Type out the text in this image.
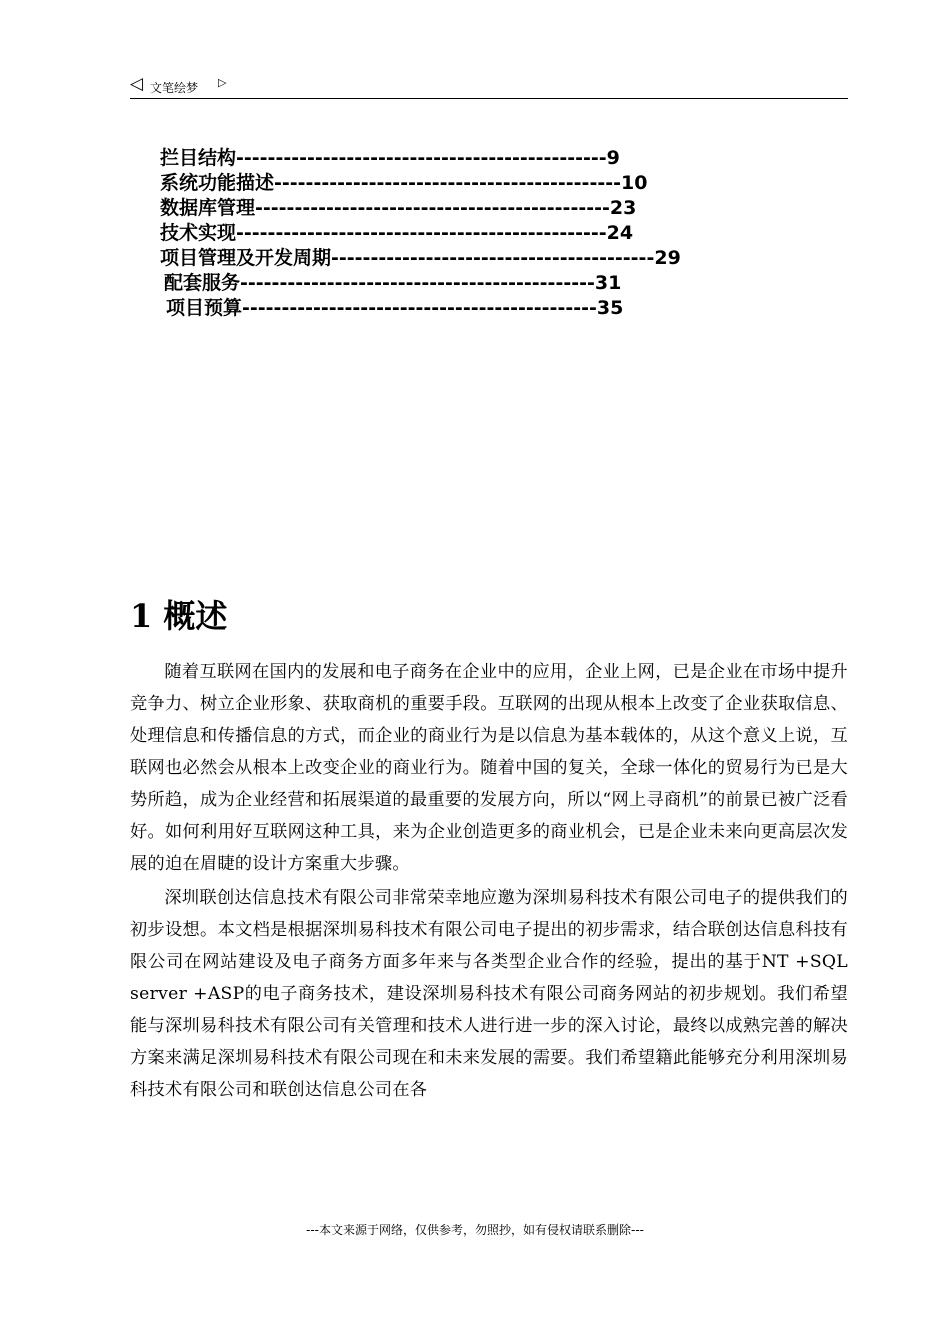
◁ 文笔绘梦 ▷
拦目结构-----------------------------------------------9
系统功能描述--------------------------------------------10
数据库管理---------------------------------------------23
技术实现-----------------------------------------------24
项目管理及开发周期-----------------------------------------29
配套服务---------------------------------------------31
项目预算---------------------------------------------35
1 概述

随着互联网在国内的发展和电子商务在企业中的应用，企业上网，已是企业在市场中提升竞争力、树立企业形象、获取商机的重要手段。互联网的出现从根本上改变了企业获取信息、处理信息和传播信息的方式，而企业的商业行为是以信息为基本载体的，从这个意义上说，互联网也必然会从根本上改变企业的商业行为。随着中国的复关，全球一体化的贸易行为已是大势所趋，成为企业经营和拓展渠道的最重要的发展方向，所以“网上寻商机”的前景已被广泛看好。如何利用好互联网这种工具，来为企业创造更多的商业机会，已是企业未来向更高层次发展的迫在眉睫的设计方案重大步骤。

深圳联创达信息技术有限公司非常荣幸地应邀为深圳易科技术有限公司电子的提供我们的初步设想。本文档是根据深圳易科技术有限公司电子提出的初步需求，结合联创达信息科技有限公司在网站建设及电子商务方面多年来与各类型企业合作的经验，提出的基于NT +SQL server +ASP的电子商务技术，建设深圳易科技术有限公司商务网站的初步规划。我们希望能与深圳易科技术有限公司有关管理和技术人进行进一步的深入讨论，最终以成熟完善的解决方案来满足深圳易科技术有限公司现在和未来发展的需要。我们希望籍此能够充分利用深圳易科技术有限公司和联创达信息公司在各

---本文来源于网络，仅供参考，勿照抄，如有侵权请联系删除---
